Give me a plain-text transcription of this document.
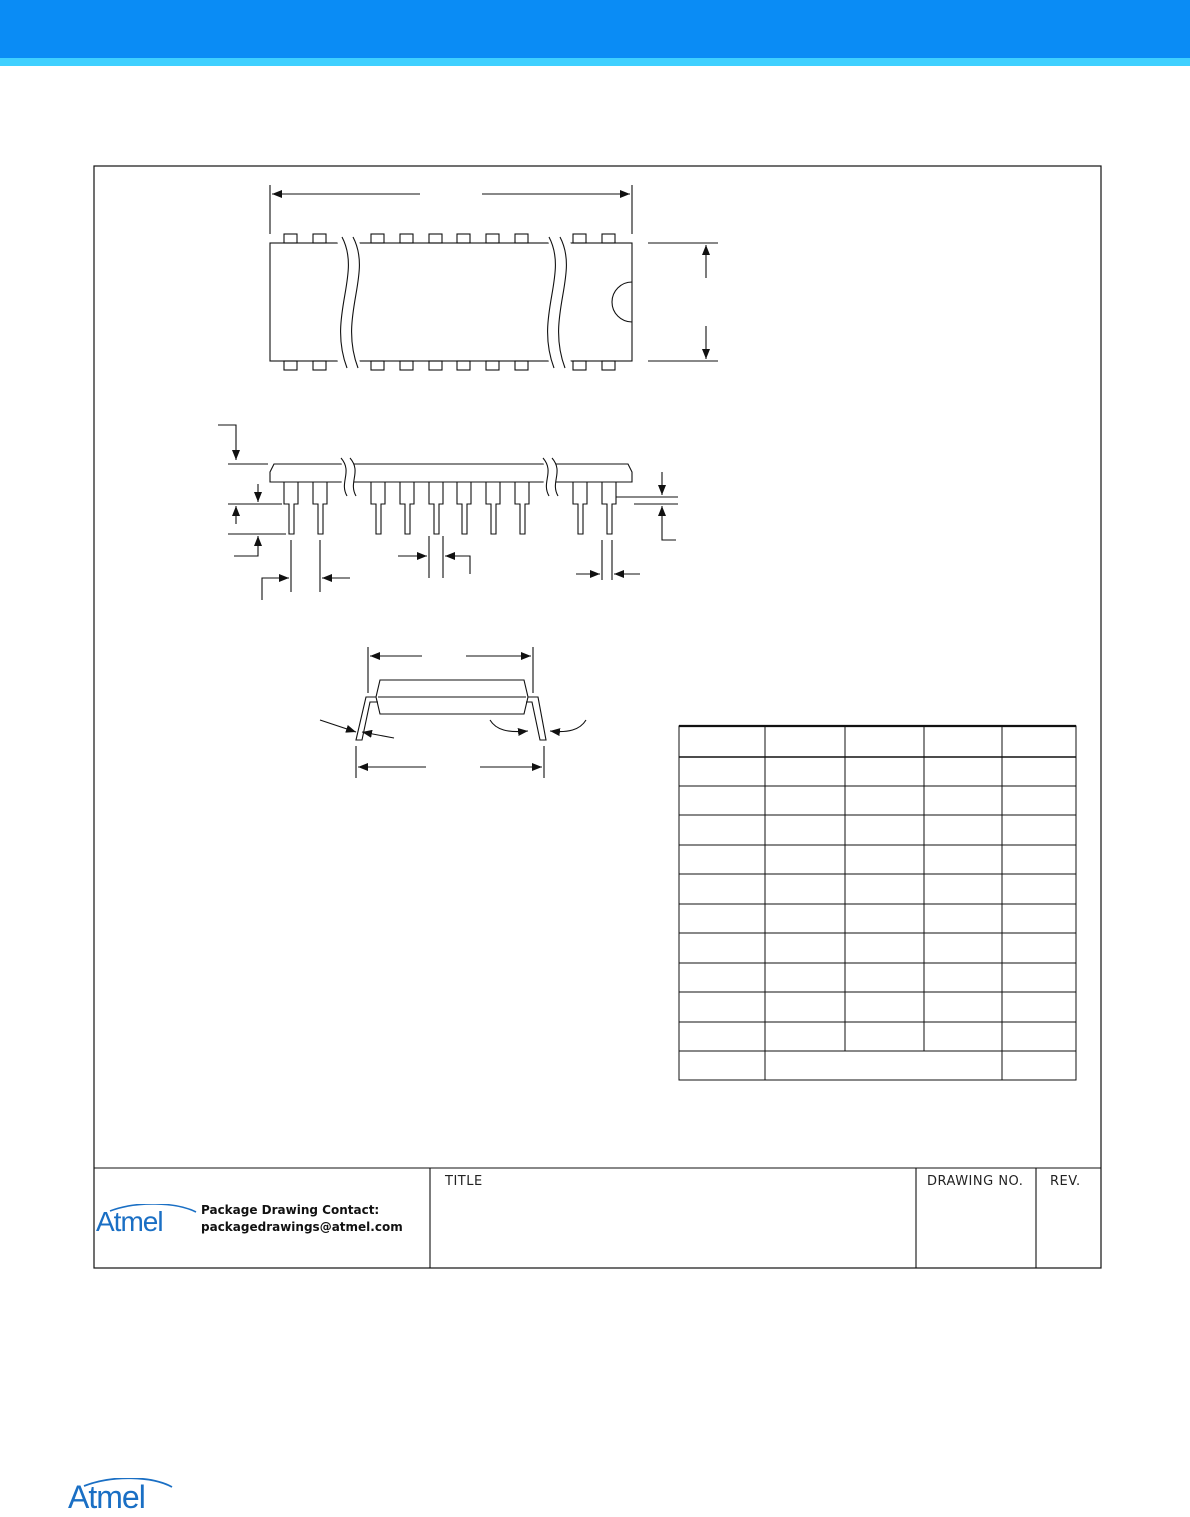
TITLE	DRAWING NO. REV.
Atmel	Package Drawing Contact:
packagedrawings@atmel.com
Atmel
